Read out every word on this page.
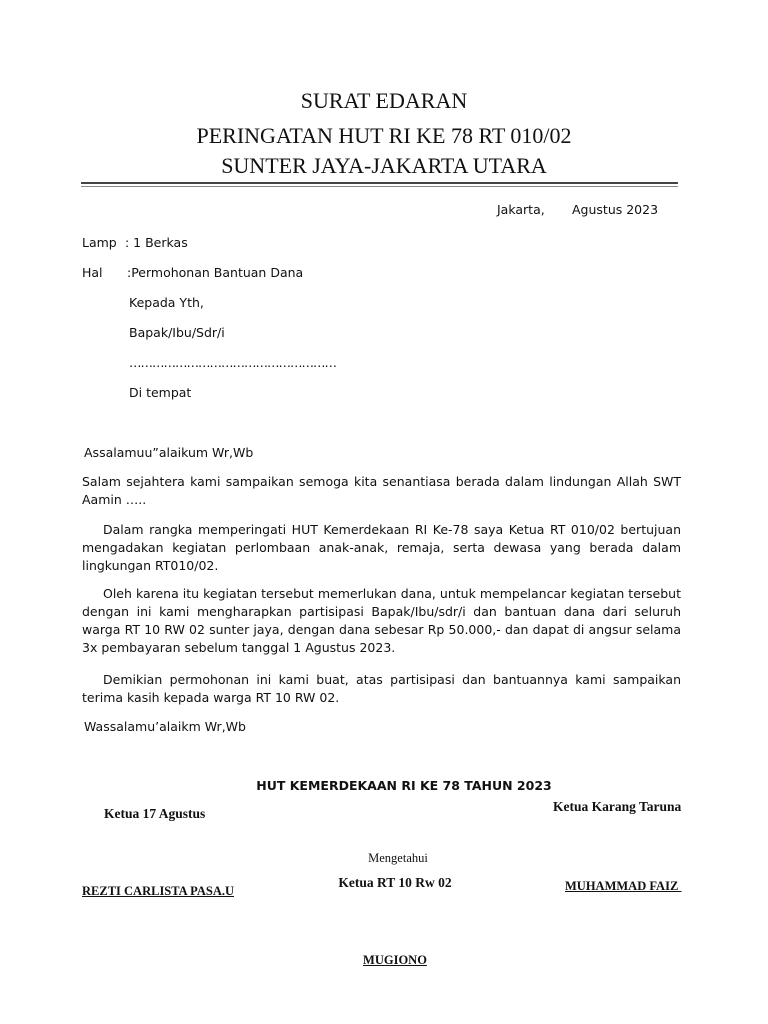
SURAT EDARAN
PERINGATAN HUT RI KE 78 RT 010/02
SUNTER JAYA-JAKARTA UTARA
Jakarta, Agustus 2023
Lamp : 1 Berkas
Hal :Permohonan Bantuan Dana
Kepada Yth,
Bapak/Ibu/Sdr/i
………………………………………………
Di tempat
Assalamuu”alaikum Wr,Wb
Salam sejahtera kami sampaikan semoga kita senantiasa berada dalam lindungan Allah SWT Aamin …..
Dalam rangka memperingati HUT Kemerdekaan RI Ke-78 saya Ketua RT 010/02 bertujuan mengadakan kegiatan perlombaan anak-anak, remaja, serta dewasa yang berada dalam lingkungan RT010/02.
Oleh karena itu kegiatan tersebut memerlukan dana, untuk mempelancar kegiatan tersebut dengan ini kami mengharapkan partisipasi Bapak/Ibu/sdr/i dan bantuan dana dari seluruh warga RT 10 RW 02 sunter jaya, dengan dana sebesar Rp 50.000,- dan dapat di angsur selama 3x pembayaran sebelum tanggal 1 Agustus 2023.
Demikian permohonan ini kami buat, atas partisipasi dan bantuannya kami sampaikan terima kasih kepada warga RT 10 RW 02.
Wassalamu’alaikm Wr,Wb
HUT KEMERDEKAAN RI KE 78 TAHUN 2023
Ketua 17 Agustus	Ketua Karang Taruna
Mengetahui
Ketua RT 10 Rw 02
REZTI CARLISTA PASA.U	MUHAMMAD FAIZ
MUGIONO
